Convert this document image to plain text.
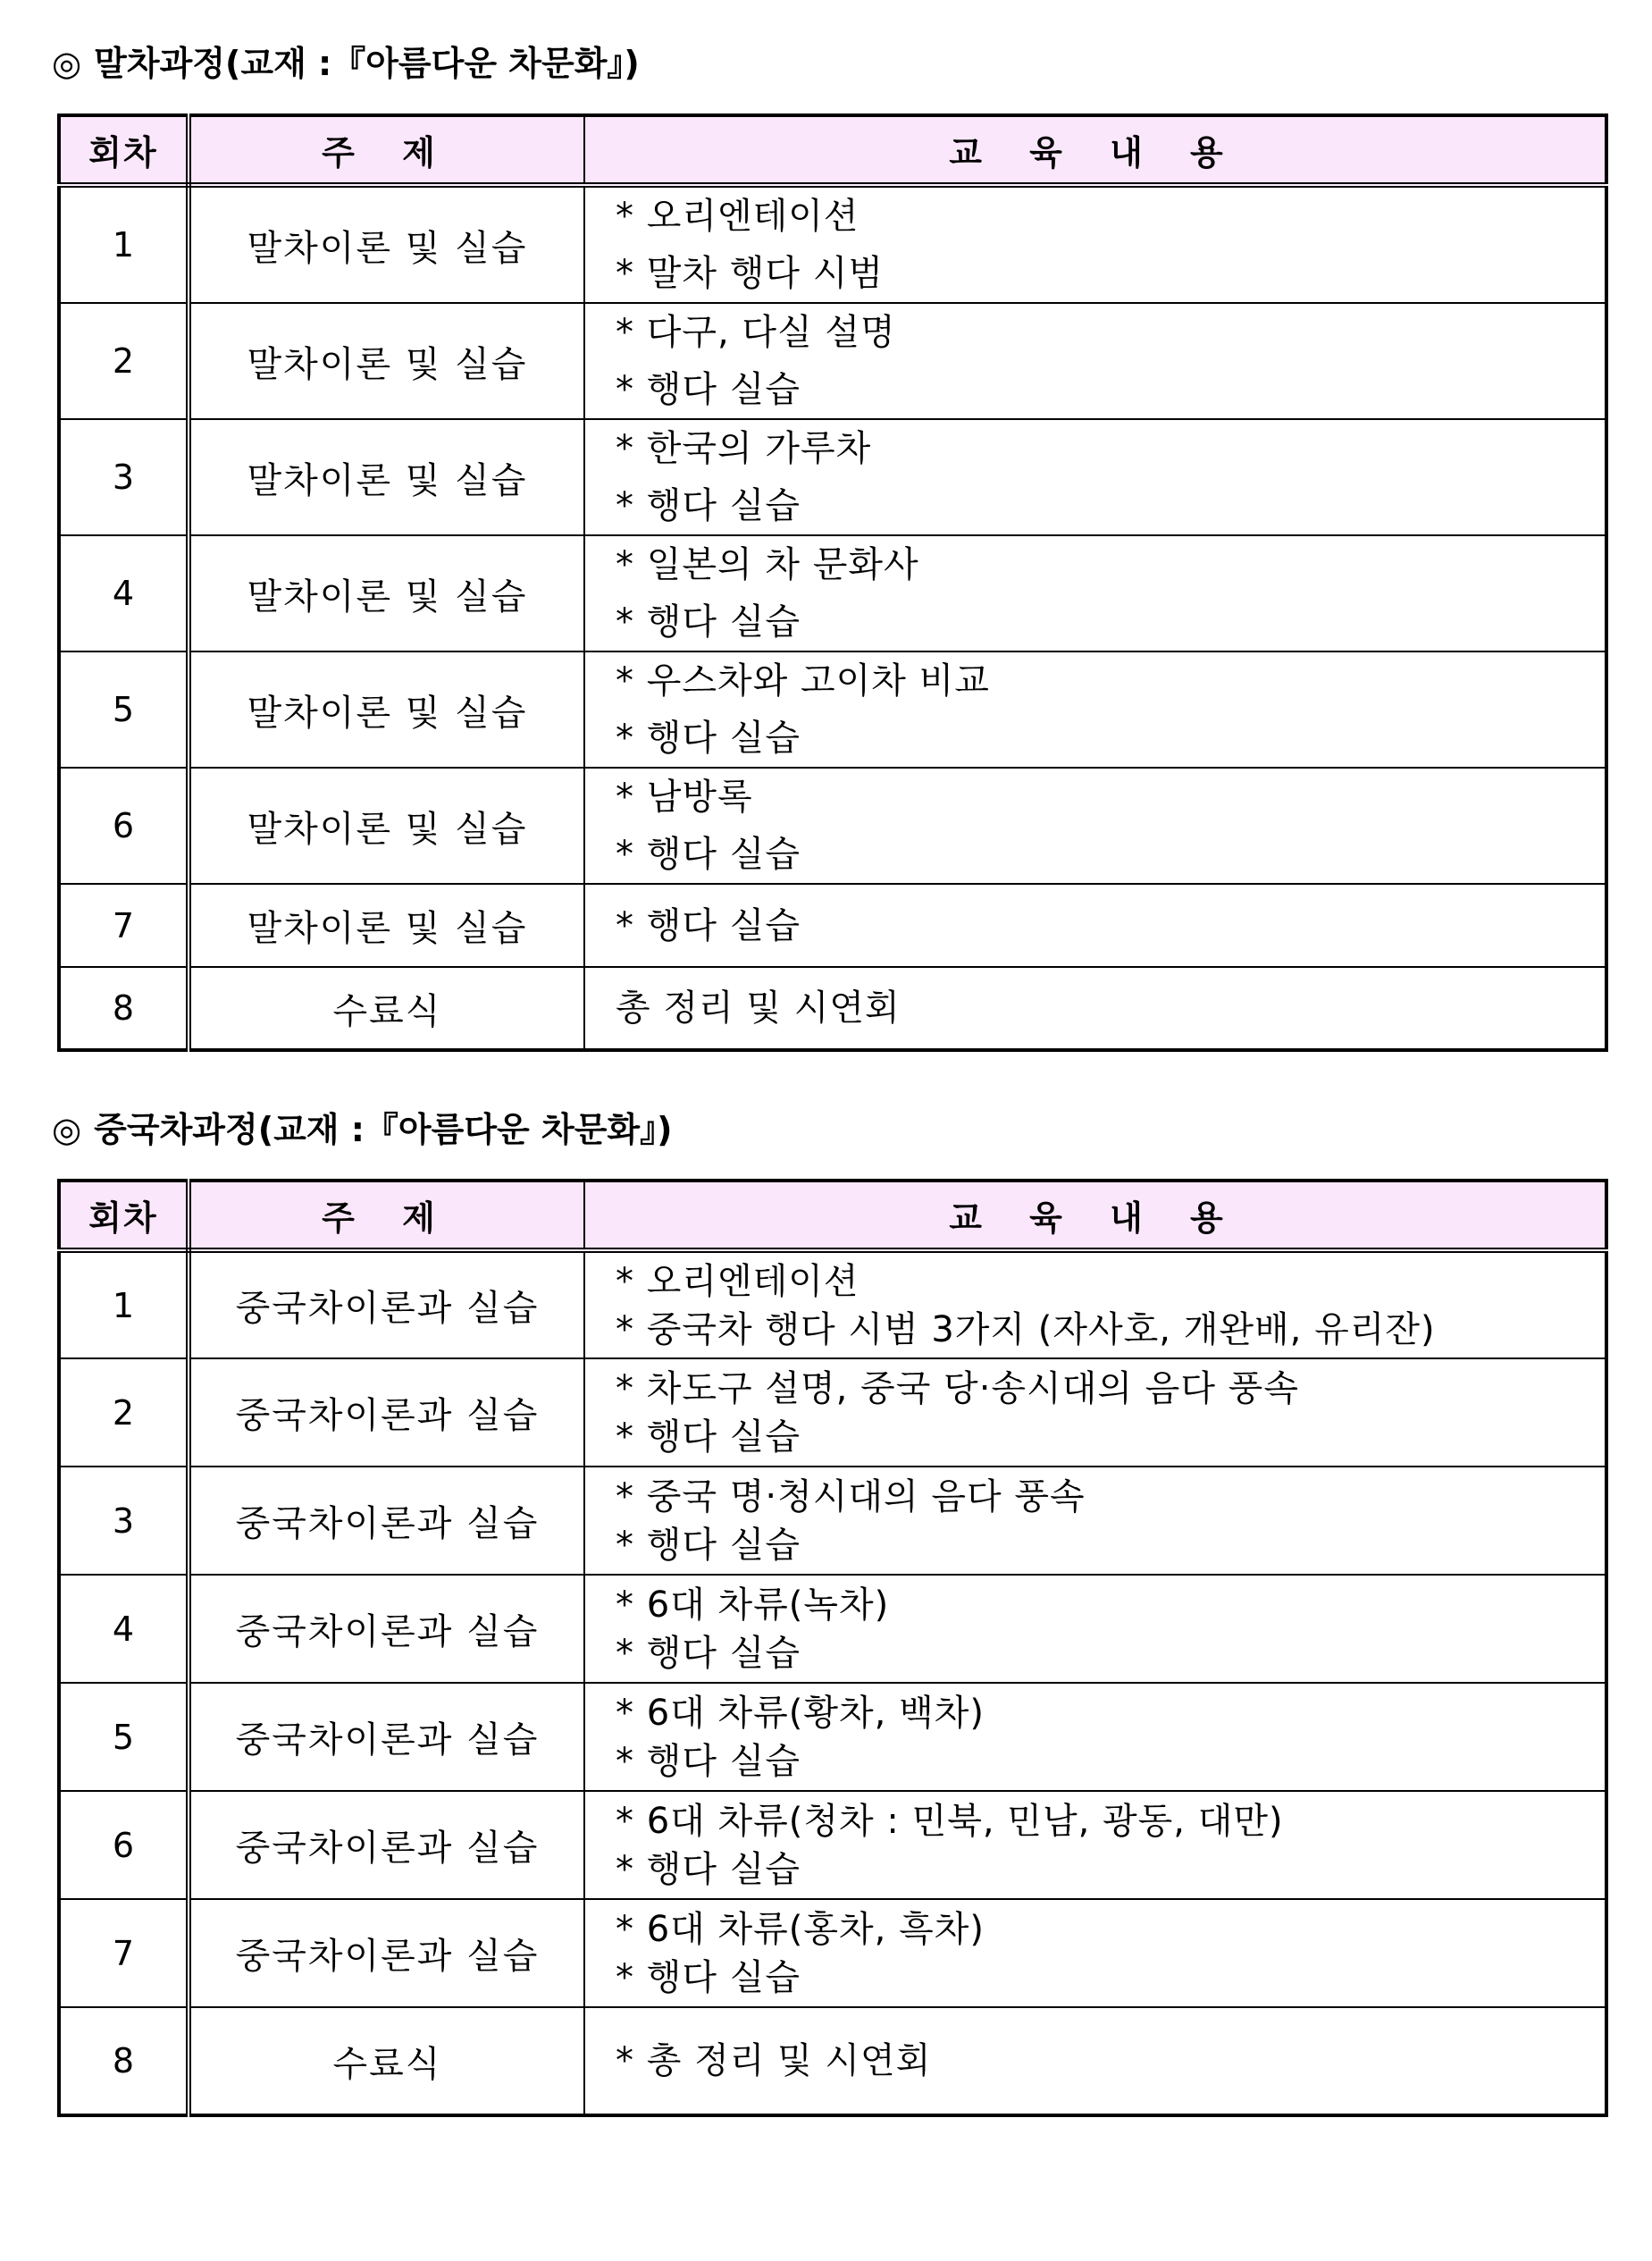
◎ 말차과정(교재 :『아름다운 차문화』)
회차	주 제	교 육 내 용
1	말차이론 및 실습	* 오리엔테이션
* 말차 행다 시범

2	말차이론 및 실습	* 다구, 다실 설명
* 행다 실습

3	말차이론 및 실습	* 한국의 가루차
* 행다 실습

4	말차이론 및 실습	* 일본의 차 문화사
* 행다 실습

5	말차이론 및 실습	* 우스차와 고이차 비교
* 행다 실습

6	말차이론 및 실습	* 남방록
* 행다 실습

7	말차이론 및 실습	* 행다 실습

8	수료식	총 정리 및 시연회
◎ 중국차과정(교재 :『아름다운 차문화』)
회차	주 제	교 육 내 용
1	중국차이론과 실습	* 오리엔테이션
* 중국차 행다 시범 3가지 (자사호, 개완배, 유리잔)

2	중국차이론과 실습	* 차도구 설명, 중국 당‧송시대의 음다 풍속
* 행다 실습

3	중국차이론과 실습	* 중국 명‧청시대의 음다 풍속
* 행다 실습

4	중국차이론과 실습	* 6대 차류(녹차)
* 행다 실습

5	중국차이론과 실습	* 6대 차류(황차, 백차)
* 행다 실습

6	중국차이론과 실습	* 6대 차류(청차 : 민북, 민남, 광동, 대만)
* 행다 실습

7	중국차이론과 실습	* 6대 차류(홍차, 흑차)
* 행다 실습

8	수료식	* 총 정리 및 시연회
